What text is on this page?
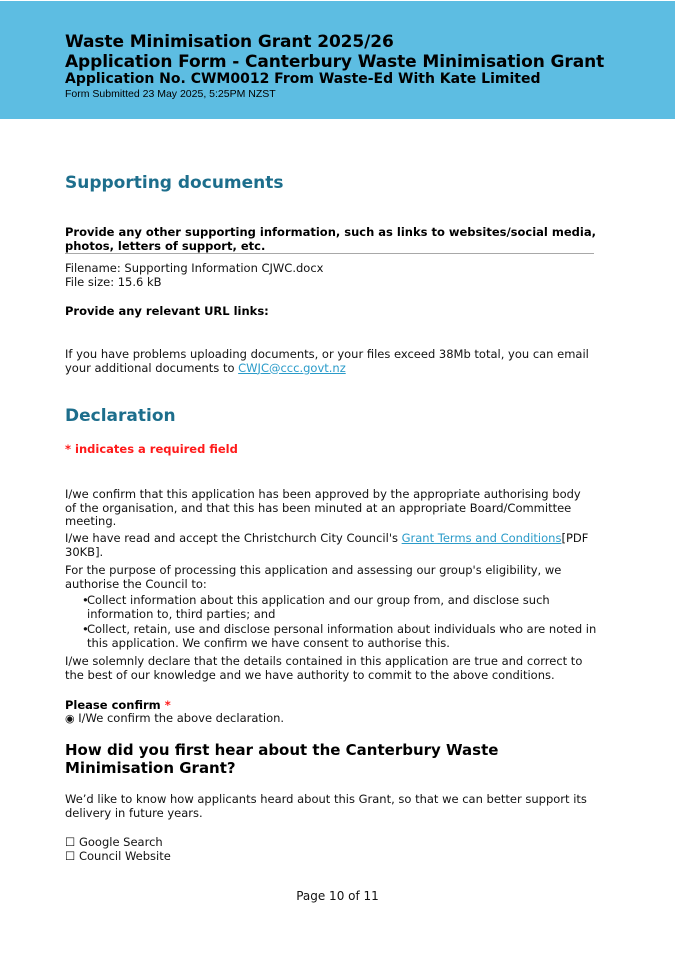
Waste Minimisation Grant 2025/26
Application Form - Canterbury Waste Minimisation Grant
Application No. CWM0012 From Waste-Ed With Kate Limited
Form Submitted 23 May 2025, 5:25PM NZST
Supporting documents
Provide any other supporting information, such as links to websites/social media, photos, letters of support, etc.
Filename: Supporting Information CJWC.docx
File size: 15.6 kB
Provide any relevant URL links:
If you have problems uploading documents, or your files exceed 38Mb total, you can email your additional documents to CWJC@ccc.govt.nz
Declaration
* indicates a required field
I/we confirm that this application has been approved by the appropriate authorising body of the organisation, and that this has been minuted at an appropriate Board/Committee meeting.
I/we have read and accept the Christchurch City Council's Grant Terms and Conditions[PDF 30KB].
For the purpose of processing this application and assessing our group's eligibility, we authorise the Council to:
•
Collect information about this application and our group from, and disclose such information to, third parties; and
•
Collect, retain, use and disclose personal information about individuals who are noted in this application. We confirm we have consent to authorise this.
I/we solemnly declare that the details contained in this application are true and correct to the best of our knowledge and we have authority to commit to the above conditions.
Please confirm *
◉ I/We confirm the above declaration.
How did you first hear about the Canterbury Waste Minimisation Grant?
We’d like to know how applicants heard about this Grant, so that we can better support its delivery in future years.
☐ Google Search
☐ Council Website
Page 10 of 11
